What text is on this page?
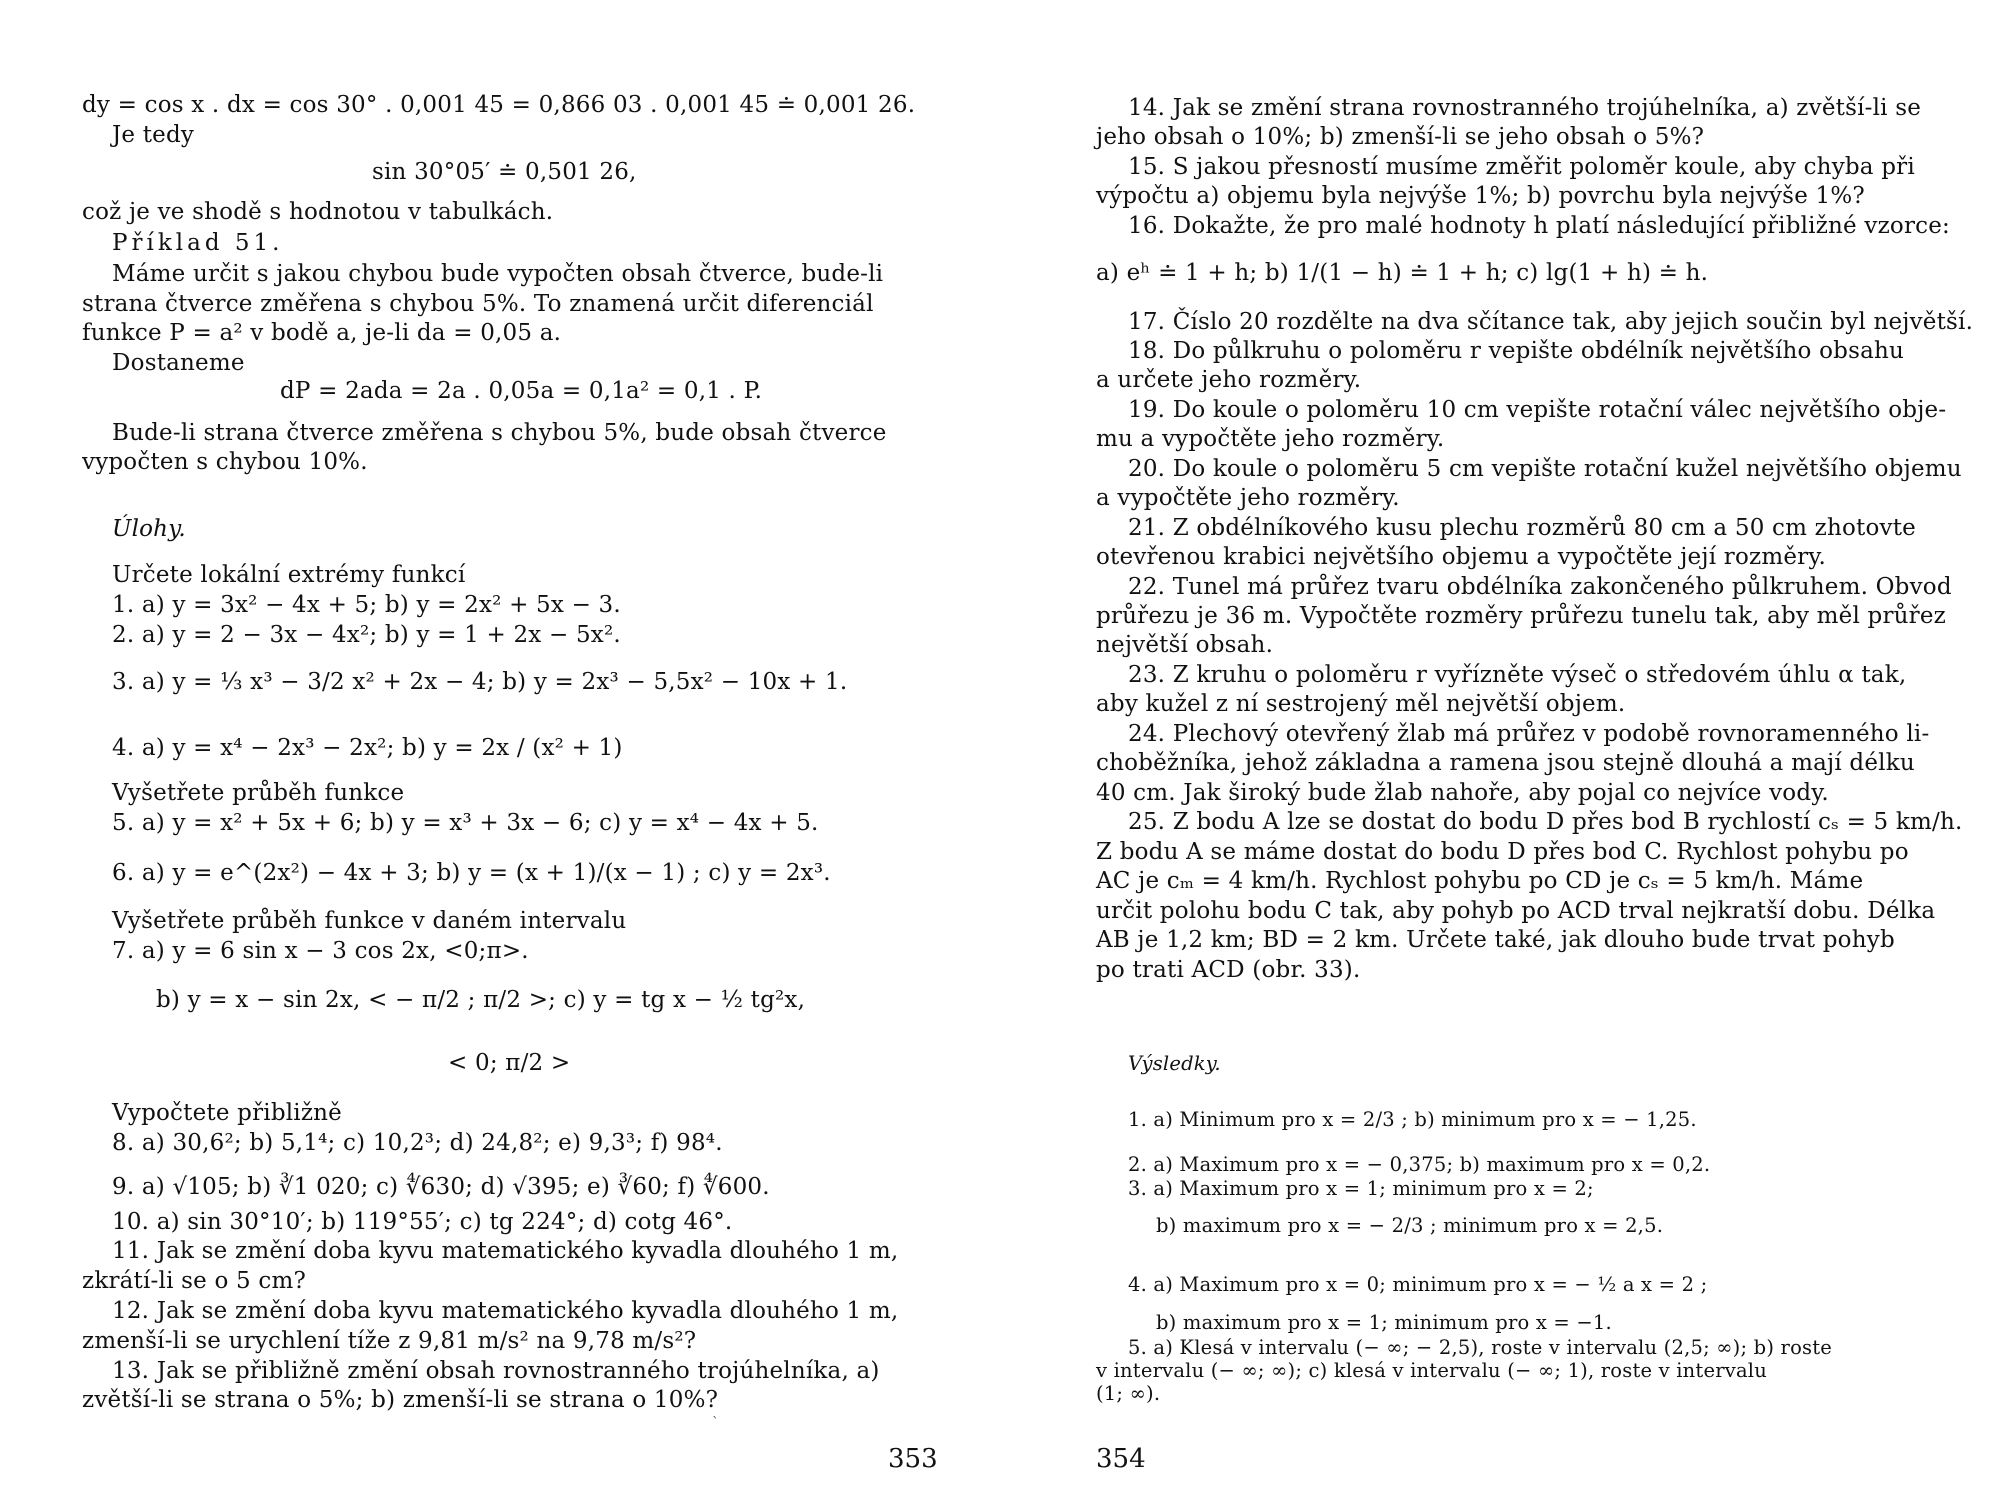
dy = cos x . dx = cos 30° . 0,001 45 = 0,866 03 . 0,001 45 ≐ 0,001 26.
Je tedy
sin 30°05′ ≐ 0,501 26,
což je ve shodě s hodnotou v tabulkách.
Příklad 51.
Máme určit s jakou chybou bude vypočten obsah čtverce, bude-li
strana čtverce změřena s chybou 5%. To znamená určit diferenciál
funkce P = a² v bodě a, je-li da = 0,05 a.
Dostaneme
dP = 2ada = 2a . 0,05a = 0,1a² = 0,1 . P.
Bude-li strana čtverce změřena s chybou 5%, bude obsah čtverce
vypočten s chybou 10%.
Úlohy.
Určete lokální extrémy funkcí
1. a) y = 3x² − 4x + 5; b) y = 2x² + 5x − 3.
2. a) y = 2 − 3x − 4x²; b) y = 1 + 2x − 5x².
3. a) y = ⅓ x³ − 3/2 x² + 2x − 4; b) y = 2x³ − 5,5x² − 10x + 1.
4. a) y = x⁴ − 2x³ − 2x²; b) y = 2x / (x² + 1)
Vyšetřete průběh funkce
5. a) y = x² + 5x + 6; b) y = x³ + 3x − 6; c) y = x⁴ − 4x + 5.
6. a) y = e^(2x²) − 4x + 3; b) y = (x + 1)/(x − 1) ; c) y = 2x³.
Vyšetřete průběh funkce v daném intervalu
7. a) y = 6 sin x − 3 cos 2x, <0;π>.
b) y = x − sin 2x, < − π/2 ; π/2 >; c) y = tg x − ½ tg²x,
< 0; π/2 >
Vypočtete přibližně
8. a) 30,6²; b) 5,1⁴; c) 10,2³; d) 24,8²; e) 9,3³; f) 98⁴.
9. a) √105; b) ∛1 020; c) ∜630; d) √395; e) ∛60; f) ∜600.
10. a) sin 30°10′; b) 119°55′; c) tg 224°; d) cotg 46°.
11. Jak se změní doba kyvu matematického kyvadla dlouhého 1 m,
zkrátí-li se o 5 cm?
12. Jak se změní doba kyvu matematického kyvadla dlouhého 1 m,
zmenší-li se urychlení tíže z 9,81 m/s² na 9,78 m/s²?
13. Jak se přibližně změní obsah rovnostranného trojúhelníka, a)
zvětší-li se strana o 5%; b) zmenší-li se strana o 10%?
`
353
14. Jak se změní strana rovnostranného trojúhelníka, a) zvětší-li se
jeho obsah o 10%; b) zmenší-li se jeho obsah o 5%?
15. S jakou přesností musíme změřit poloměr koule, aby chyba při
výpočtu a) objemu byla nejvýše 1%; b) povrchu byla nejvýše 1%?
16. Dokažte, že pro malé hodnoty h platí následující přibližné vzorce:
a) eʰ ≐ 1 + h; b) 1/(1 − h) ≐ 1 + h; c) lg(1 + h) ≐ h.
17. Číslo 20 rozdělte na dva sčítance tak, aby jejich součin byl největší.
18. Do půlkruhu o poloměru r vepište obdélník největšího obsahu
a určete jeho rozměry.
19. Do koule o poloměru 10 cm vepište rotační válec největšího obje-
mu a vypočtěte jeho rozměry.
20. Do koule o poloměru 5 cm vepište rotační kužel největšího objemu
a vypočtěte jeho rozměry.
21. Z obdélníkového kusu plechu rozměrů 80 cm a 50 cm zhotovte
otevřenou krabici největšího objemu a vypočtěte její rozměry.
22. Tunel má průřez tvaru obdélníka zakončeného půlkruhem. Obvod
průřezu je 36 m. Vypočtěte rozměry průřezu tunelu tak, aby měl průřez
největší obsah.
23. Z kruhu o poloměru r vyřízněte výseč o středovém úhlu α tak,
aby kužel z ní sestrojený měl největší objem.
24. Plechový otevřený žlab má průřez v podobě rovnoramenného li-
choběžníka, jehož základna a ramena jsou stejně dlouhá a mají délku
40 cm. Jak široký bude žlab nahoře, aby pojal co nejvíce vody.
25. Z bodu A lze se dostat do bodu D přes bod B rychlostí cₛ = 5 km/h.
Z bodu A se máme dostat do bodu D přes bod C. Rychlost pohybu po
AC je cₘ = 4 km/h. Rychlost pohybu po CD je cₛ = 5 km/h. Máme
určit polohu bodu C tak, aby pohyb po ACD trval nejkratší dobu. Délka
AB je 1,2 km; BD = 2 km. Určete také, jak dlouho bude trvat pohyb
po trati ACD (obr. 33).
Výsledky.
1. a) Minimum pro x = 2/3 ; b) minimum pro x = − 1,25.
2. a) Maximum pro x = − 0,375; b) maximum pro x = 0,2.
3. a) Maximum pro x = 1; minimum pro x = 2;
b) maximum pro x = − 2/3 ; minimum pro x = 2,5.
4. a) Maximum pro x = 0; minimum pro x = − ½ a x = 2 ;
b) maximum pro x = 1; minimum pro x = −1.
5. a) Klesá v intervalu (− ∞; − 2,5), roste v intervalu (2,5; ∞); b) roste
v intervalu (− ∞; ∞); c) klesá v intervalu (− ∞; 1), roste v intervalu
(1; ∞).
354
